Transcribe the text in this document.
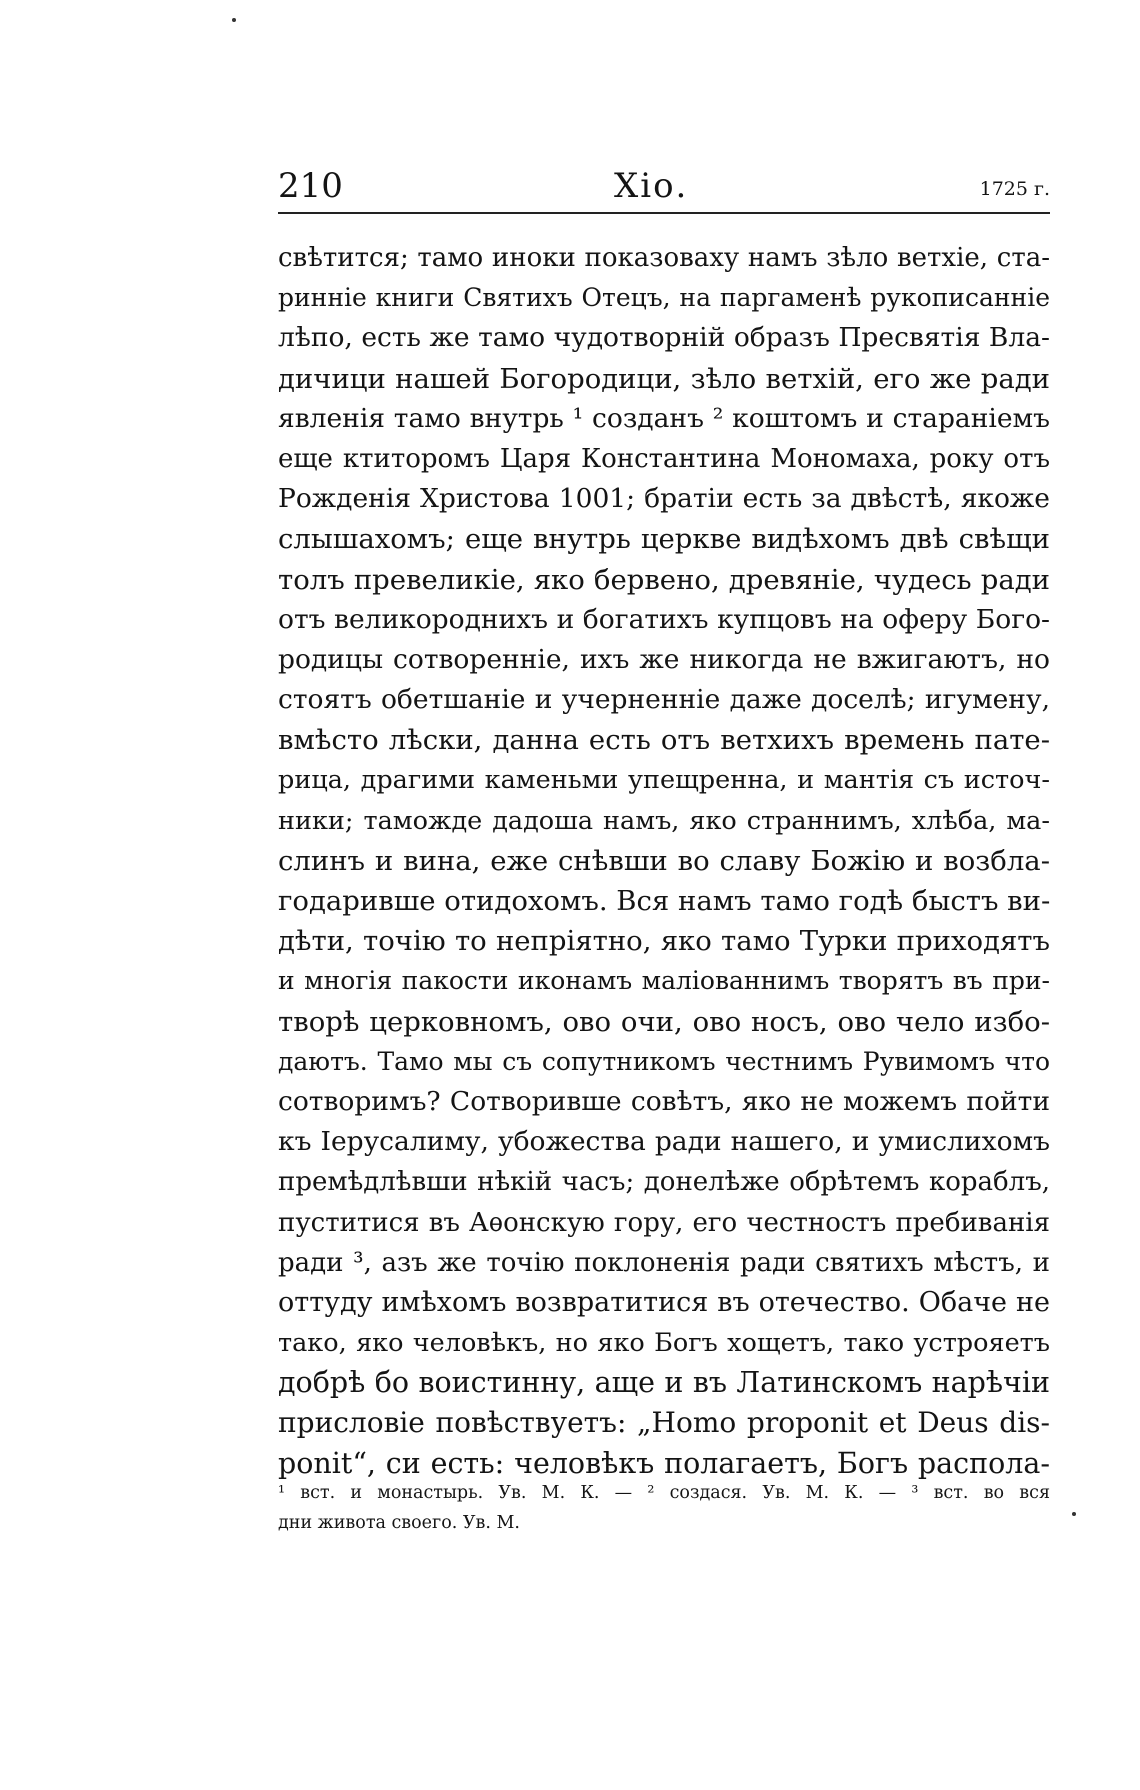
210	Хіо.	1725 г.
свѣтится; тамо иноки показоваху намъ зѣло ветхіе, ста-
ринніе книги Святихъ Отецъ, на паргаменѣ рукописанніе
лѣпо, есть же тамо чудотворній образъ Пресвятія Вла-
дичици нашей Богородици, зѣло ветхій, его же ради
явленія тамо внутрь ¹ созданъ ² коштомъ и стараніемъ
еще ктиторомъ Царя Константина Мономаха, року отъ
Рожденія Христова 1001; братіи есть за двѣстѣ, якоже
слышахомъ; еще внутрь церкве видѣхомъ двѣ свѣщи
толъ превеликіе, яко бервено, древяніе, чудесь ради
отъ великороднихъ и богатихъ купцовъ на оферу Бого-
родицы сотворенніе, ихъ же никогда не вжигаютъ, но
стоятъ обетшаніе и учерненніе даже доселѣ; игумену,
вмѣсто лѣски, данна есть отъ ветхихъ времень пате-
рица, драгими каменьми упещренна, и мантія съ источ-
ники; таможде дадоша намъ, яко страннимъ, хлѣба, ма-
слинъ и вина, еже снѣвши во славу Божію и возбла-
годаривше отидохомъ. Вся намъ тамо годѣ быстъ ви-
дѣти, точію то непріятно, яко тамо Турки приходятъ
и многія пакости иконамъ маліованнимъ творятъ въ при-
творѣ церковномъ, ово очи, ово носъ, ово чело избо-
даютъ. Тамо мы съ сопутникомъ честнимъ Рувимомъ что
сотворимъ? Сотворивше совѣтъ, яко не можемъ пойти
къ Іерусалиму, убожества ради нашего, и умислихомъ
премѣдлѣвши нѣкій часъ; донелѣже обрѣтемъ кораблъ,
пуститися въ Аѳонскую гору, его честностъ пребиванія
ради ³, азъ же точію поклоненія ради святихъ мѣстъ, и
оттуду имѣхомъ возвратитися въ отечество. Обаче не
тако, яко человѣкъ, но яко Богъ хощетъ, тако устрояетъ
добрѣ бо воистинну, аще и въ Латинскомъ нарѣчіи
присловіе повѣствуетъ: „Homo proponit et Deus dis-
ponit“, си есть: человѣкъ полагаетъ, Богъ распола-
¹ вст. и монастырь. Ув. М. К. — ² создася. Ув. М. К. — ³ вст. во вся
дни живота своего. Ув. М.
